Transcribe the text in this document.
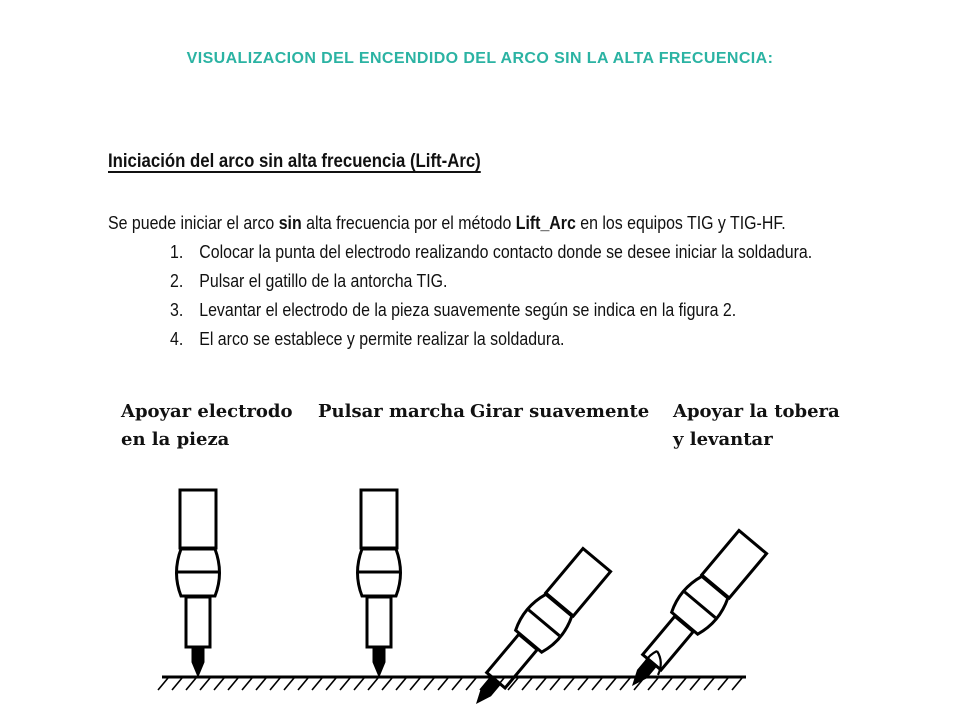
VISUALIZACION DEL ENCENDIDO DEL ARCO SIN LA ALTA FRECUENCIA:
Iniciación del arco sin alta frecuencia (Lift-Arc)
Se puede iniciar el arco sin alta frecuencia por el método Lift_Arc en los equipos TIG y TIG-HF.
1. Colocar la punta del electrodo realizando contacto donde se desee iniciar la soldadura.
2. Pulsar el gatillo de la antorcha TIG.
3. Levantar el electrodo de la pieza suavemente según se indica en la figura 2.
4. El arco se establece y permite realizar la soldadura.
Apoyar electrodo
en la pieza
Pulsar marcha Girar suavemente Apoyar la tobera
y levantar
